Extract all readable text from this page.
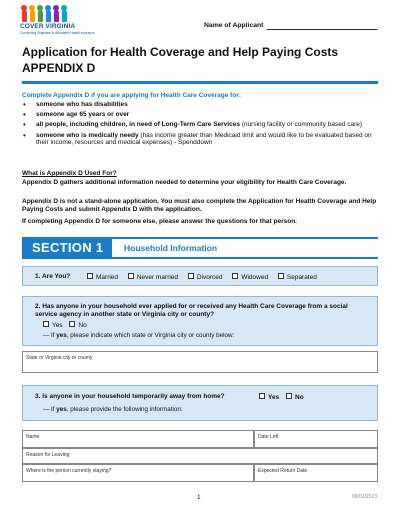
COVER VIRGINIA
Connecting Virginians to Affordable Health Insurance
Name of Applicant
Application for Health Coverage and Help Paying Costs
APPENDIX D
Complete Appendix D if you are applying for Health Care Coverage for:
• someone who has disabilities
• someone age 65 years or over
• all people, including children, in need of Long-Term Care Services (nursing facility or community based care)
• someone who is medically needy (has income greater than Medicaid limit and would like to be evaluated based on their income, resources and medical expenses) - Spenddown
What is Appendix D Used For?
Appendix D gathers additional information needed to determine your eligibility for Health Care Coverage.
Appendix D is not a stand-alone application. You must also complete the Application for Health Coverage and Help Paying Costs and submit Appendix D with the application.
If completing Appendix D for someone else, please answer the questions for that person.
SECTION 1	Household Information
1. Are You?	Married	Never married	Divorced	Widowed	Separated
2. Has anyone in your household ever applied for or received any Health Care Coverage from a social service agency in another state or Virginia city or county?
Yes No
— If yes, please indicate which state or Virginia city or county below:
State or Virginia city or county
3. Is anyone in your household temporarily away from home?	Yes No
— If yes, please provide the following information:
Name	Date Left
Reason for Leaving
Where is the person currently staying?	Expected Return Date
1	09/01/2023
